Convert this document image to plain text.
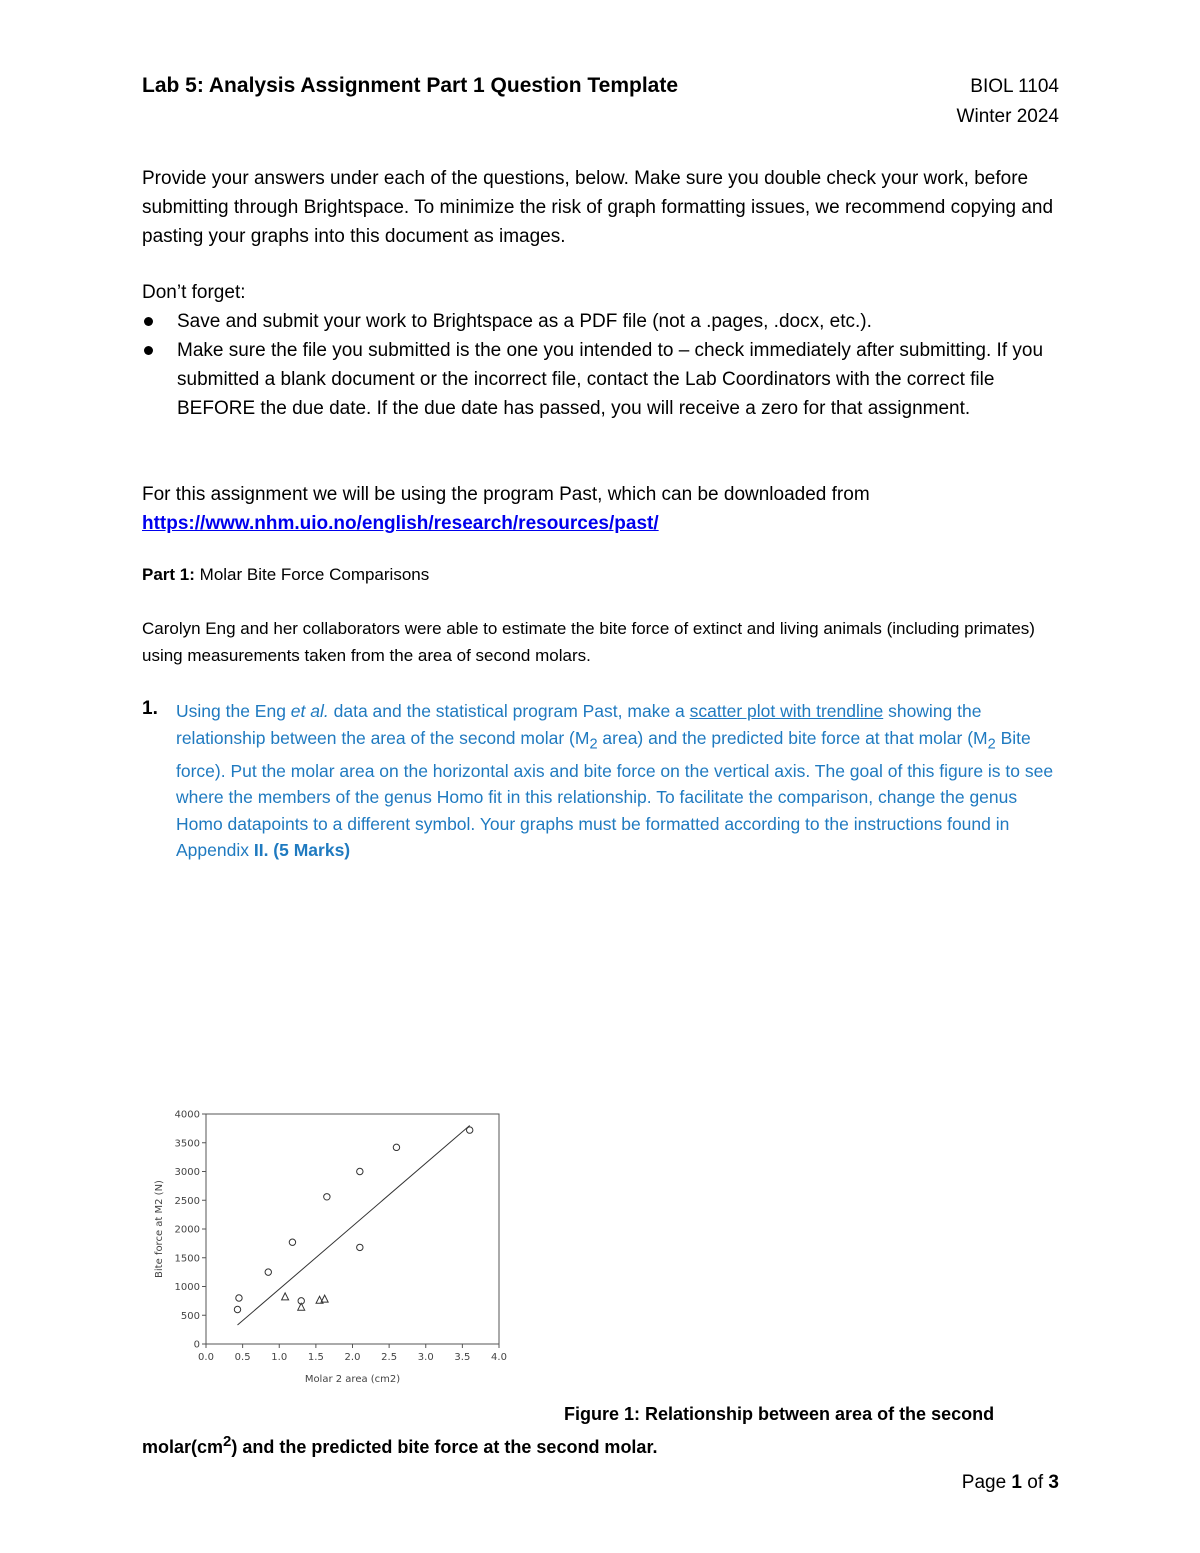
Lab 5: Analysis Assignment Part 1 Question Template	BIOL 1104
Winter 2024

Provide your answers under each of the questions, below. Make sure you double check your work, before submitting through Brightspace. To minimize the risk of graph formatting issues, we recommend copying and pasting your graphs into this document as images.

Don’t forget:

Save and submit your work to Brightspace as a PDF file (not a .pages, .docx, etc.).
Make sure the file you submitted is the one you intended to – check immediately after submitting. If you submitted a blank document or the incorrect file, contact the Lab Coordinators with the correct file BEFORE the due date. If the due date has passed, you will receive a zero for that assignment.

For this assignment we will be using the program Past, which can be downloaded from
https://www.nhm.uio.no/english/research/resources/past/

Part 1: Molar Bite Force Comparisons

Carolyn Eng and her collaborators were able to estimate the bite force of extinct and living animals (including primates) using measurements taken from the area of second molars.

1. Using the Eng et al. data and the statistical program Past, make a scatter plot with trendline showing the relationship between the area of the second molar ($M_2$ area) and the predicted bite force at that molar ($M_2$ Bite force). Put the molar area on the horizontal axis and bite force on the vertical axis. The goal of this figure is to see where the members of the genus Homo fit in this relationship. To facilitate the comparison, change the genus Homo datapoints to a different symbol. Your graphs must be formatted according to the instructions found in Appendix II. (5 Marks)

0.0 0.5 1.0 1.5 2.0 2.5 3.0 3.5 4.0
0
500
1000
1500
2000
2500
3000
3500
4000
Molar 2 area (cm2)
Bite force at M2 (N)

Figure 1: Relationship between area of the second $molar(cm^2)$ and the predicted bite force at the second molar.

Page 1 of 3
